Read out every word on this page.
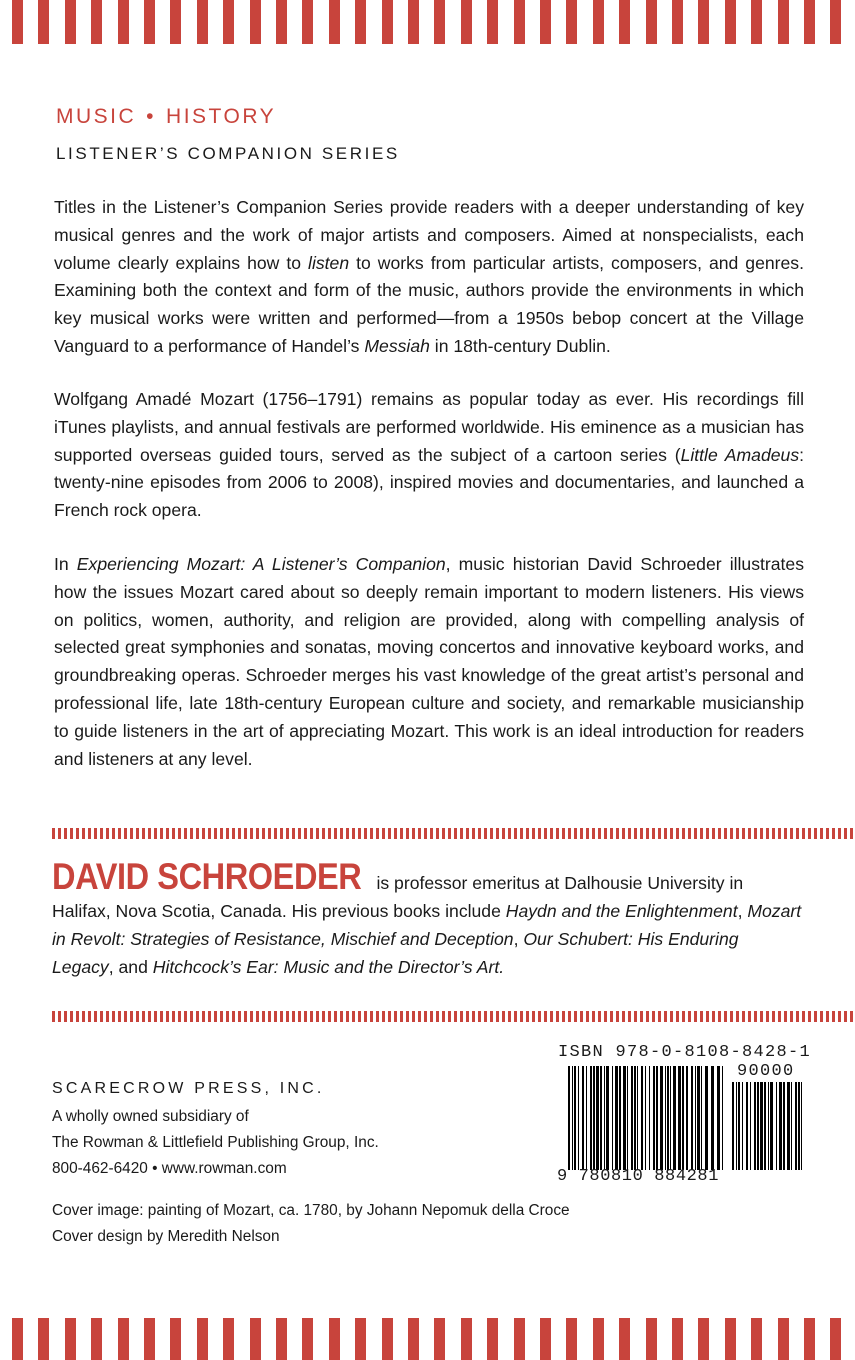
MUSIC • HISTORY
LISTENER’S COMPANION SERIES

Titles in the Listener’s Companion Series provide readers with a deeper understanding of key musical genres and the work of major artists and composers. Aimed at nonspecialists, each volume clearly explains how to listen to works from particular artists, composers, and genres. Examining both the context and form of the music, authors provide the environments in which key musical works were written and performed—from a 1950s bebop concert at the Village Vanguard to a performance of Handel’s Messiah in 18th-century Dublin.

Wolfgang Amadé Mozart (1756–1791) remains as popular today as ever. His recordings fill iTunes playlists, and annual festivals are performed worldwide. His eminence as a musician has supported overseas guided tours, served as the subject of a cartoon series (Little Amadeus: twenty-nine episodes from 2006 to 2008), inspired movies and documentaries, and launched a French rock opera.

In Experiencing Mozart: A Listener’s Companion, music historian David Schroeder illustrates how the issues Mozart cared about so deeply remain important to modern listeners. His views on politics, women, authority, and religion are provided, along with compelling analysis of selected great symphonies and sonatas, moving concertos and innovative keyboard works, and groundbreaking operas. Schroeder merges his vast knowledge of the great artist’s personal and professional life, late 18th-century European culture and society, and remarkable musicianship to guide listeners in the art of appreciating Mozart. This work is an ideal introduction for readers and listeners at any level.

DAVID SCHROEDER is professor emeritus at Dalhousie University in Halifax, Nova Scotia, Canada. His previous books include Haydn and the Enlightenment, Mozart in Revolt: Strategies of Resistance, Mischief and Deception, Our Schubert: His Enduring Legacy, and Hitchcock’s Ear: Music and the Director’s Art.

SCARECROW PRESS, INC.
A wholly owned subsidiary of
The Rowman & Littlefield Publishing Group, Inc.
800-462-6420 • www.rowman.com
Cover image: painting of Mozart, ca. 1780, by Johann Nepomuk della Croce
Cover design by Meredith Nelson
ISBN 978-0-8108-8428-1
90000
9 780810 884281
